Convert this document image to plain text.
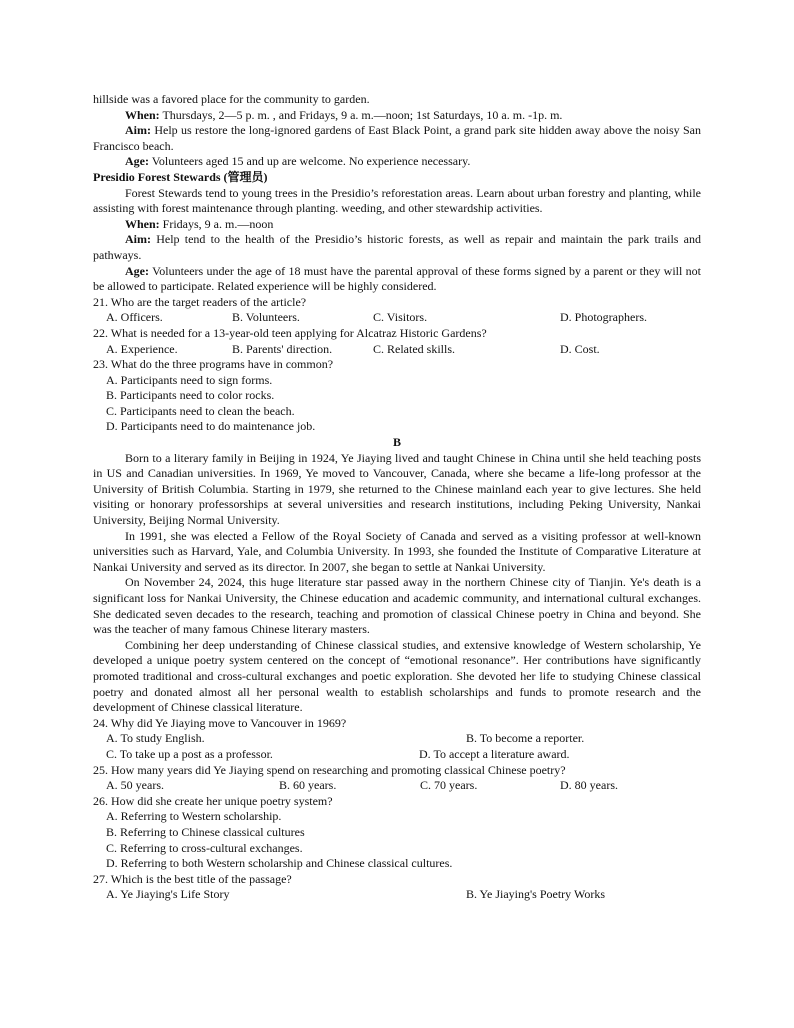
hillside was a favored place for the community to garden.

When: Thursdays, 2—5 p. m. , and Fridays, 9 a. m.—noon; 1st Saturdays, 10 a. m. -1p. m.

Aim: Help us restore the long-ignored gardens of East Black Point, a grand park site hidden away above the noisy San Francisco beach.

Age: Volunteers aged 15 and up are welcome. No experience necessary.

Presidio Forest Stewards (管理员)

Forest Stewards tend to young trees in the Presidio’s reforestation areas. Learn about urban forestry and planting, while assisting with forest maintenance through planting. weeding, and other stewardship activities.

When: Fridays, 9 a. m.—noon

Aim: Help tend to the health of the Presidio’s historic forests, as well as repair and maintain the park trails and pathways.

Age: Volunteers under the age of 18 must have the parental approval of these forms signed by a parent or they will not be allowed to participate. Related experience will be highly considered.

21. Who are the target readers of the article?

A. Officers.	B. Volunteers.	C. Visitors.	D. Photographers.

22. What is needed for a 13-year-old teen applying for Alcatraz Historic Gardens?

A. Experience.	B. Parents' direction.	C. Related skills.	D. Cost.

23. What do the three programs have in common?

A. Participants need to sign forms.

B. Participants need to color rocks.

C. Participants need to clean the beach.

D. Participants need to do maintenance job.

B

Born to a literary family in Beijing in 1924, Ye Jiaying lived and taught Chinese in China until she held teaching posts in US and Canadian universities. In 1969, Ye moved to Vancouver, Canada, where she became a life-long professor at the University of British Columbia. Starting in 1979, she returned to the Chinese mainland each year to give lectures. She held visiting or honorary professorships at several universities and research institutions, including Peking University, Nankai University, Beijing Normal University.

In 1991, she was elected a Fellow of the Royal Society of Canada and served as a visiting professor at well-known universities such as Harvard, Yale, and Columbia University. In 1993, she founded the Institute of Comparative Literature at Nankai University and served as its director. In 2007, she began to settle at Nankai University.

On November 24, 2024, this huge literature star passed away in the northern Chinese city of Tianjin. Ye's death is a significant loss for Nankai University, the Chinese education and academic community, and international cultural exchanges. She dedicated seven decades to the research, teaching and promotion of classical Chinese poetry in China and beyond. She was the teacher of many famous Chinese literary masters.

Combining her deep understanding of Chinese classical studies, and extensive knowledge of Western scholarship, Ye developed a unique poetry system centered on the concept of “emotional resonance”. Her contributions have significantly promoted traditional and cross-cultural exchanges and poetic exploration. She devoted her life to studying Chinese classical poetry and donated almost all her personal wealth to establish scholarships and funds to promote research and the development of Chinese classical literature.

24. Why did Ye Jiaying move to Vancouver in 1969?

A. To study English.	B. To become a reporter.
C. To take up a post as a professor.	D. To accept a literature award.

25. How many years did Ye Jiaying spend on researching and promoting classical Chinese poetry?

A. 50 years.	B. 60 years.	C. 70 years.	D. 80 years.

26. How did she create her unique poetry system?

A. Referring to Western scholarship.

B. Referring to Chinese classical cultures

C. Referring to cross-cultural exchanges.

D. Referring to both Western scholarship and Chinese classical cultures.

27. Which is the best title of the passage?

A. Ye Jiaying's Life Story	B. Ye Jiaying's Poetry Works
